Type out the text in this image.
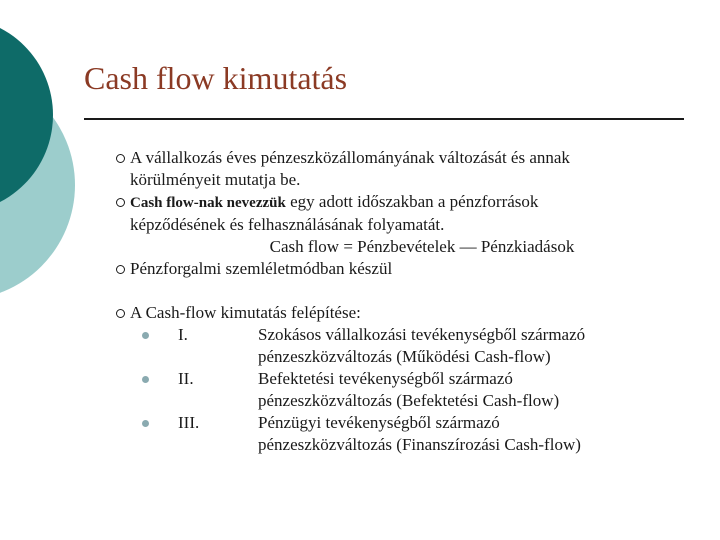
Cash flow kimutatás
A vállalkozás éves pénzeszközállományának változását és annak
körülményeit mutatja be.
Cash flow-nak nevezzük egy adott időszakban a pénzforrások
képződésének és felhasználásának folyamatát.
Cash flow = Pénzbevételek — Pénzkiadások
Pénzforgalmi szemléletmódban készül
A Cash-flow kimutatás felépítése:
I.	Szokásos vállalkozási tevékenységből származó
pénzeszközváltozás (Működési Cash-flow)
II.	Befektetési tevékenységből származó
pénzeszközváltozás (Befektetési Cash-flow)
III.	Pénzügyi tevékenységből származó
pénzeszközváltozás (Finanszírozási Cash-flow)
